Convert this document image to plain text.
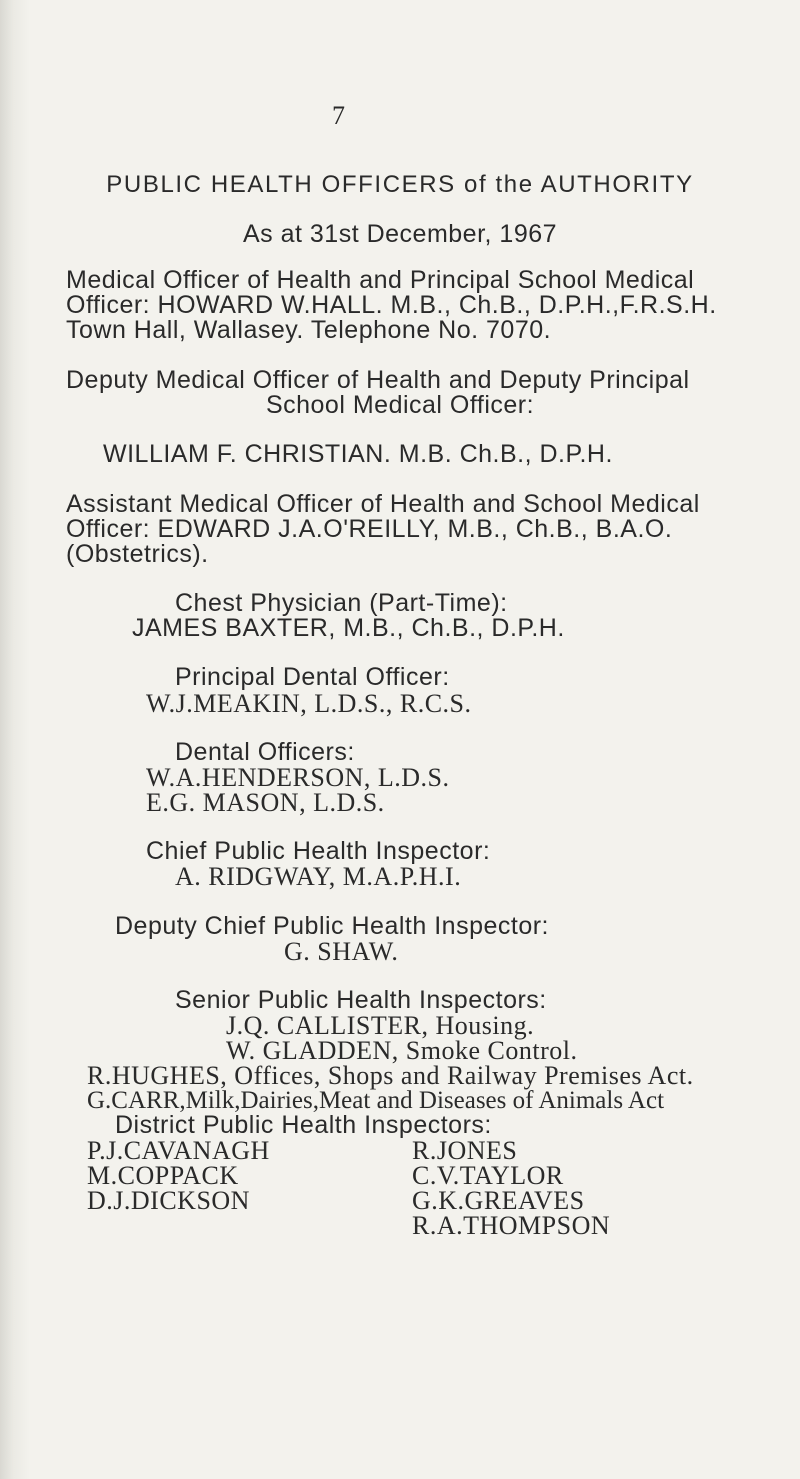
7
PUBLIC HEALTH OFFICERS of the AUTHORITY
As at 31st December, 1967
Medical Officer of Health and Principal School Medical
Officer: HOWARD W.HALL. M.B., Ch.B., D.P.H.,F.R.S.H.
Town Hall, Wallasey. Telephone No. 7070.
Deputy Medical Officer of Health and Deputy Principal
School Medical Officer:
WILLIAM F. CHRISTIAN. M.B. Ch.B., D.P.H.
Assistant Medical Officer of Health and School Medical
Officer: EDWARD J.A.O'REILLY, M.B., Ch.B., B.A.O.
(Obstetrics).
Chest Physician (Part-Time):
JAMES BAXTER, M.B., Ch.B., D.P.H.
Principal Dental Officer:
W.J.MEAKIN, L.D.S., R.C.S.
Dental Officers:
W.A.HENDERSON, L.D.S.
E.G. MASON, L.D.S.
Chief Public Health Inspector:
A. RIDGWAY, M.A.P.H.I.
Deputy Chief Public Health Inspector:
G. SHAW.
Senior Public Health Inspectors:
J.Q. CALLISTER, Housing.
W. GLADDEN, Smoke Control.
R.HUGHES, Offices, Shops and Railway Premises Act.
G.CARR,Milk,Dairies,Meat and Diseases of Animals Act
District Public Health Inspectors:
P.J.CAVANAGH
M.COPPACK
D.J.DICKSON
R.JONES
C.V.TAYLOR
G.K.GREAVES
R.A.THOMPSON
